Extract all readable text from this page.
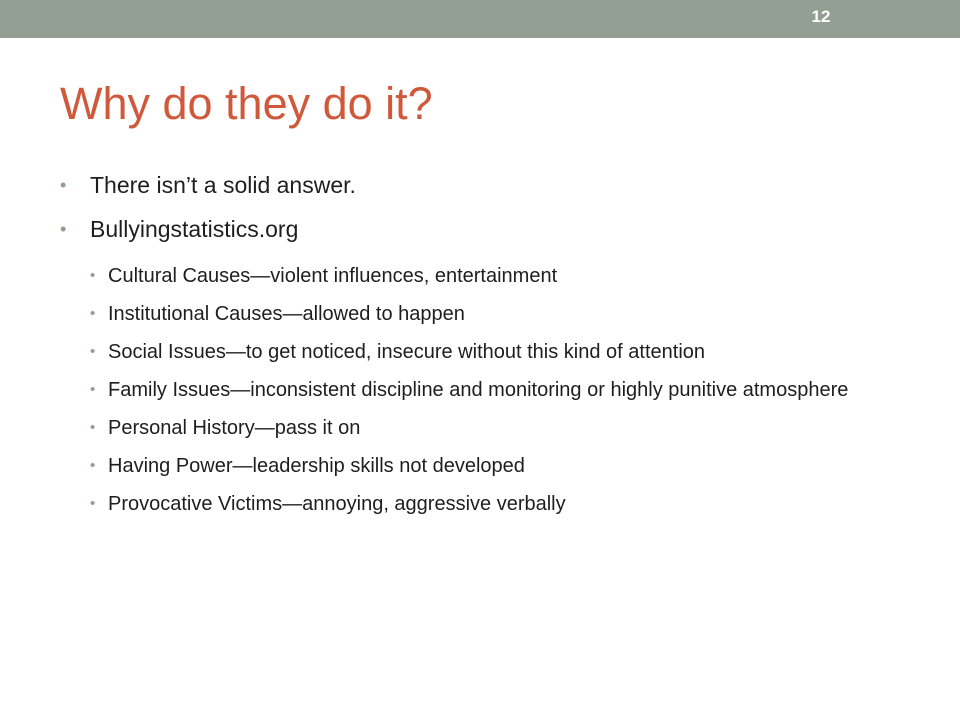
12
Why do they do it?
• There isn’t a solid answer.
• Bullyingstatistics.org
• Cultural Causes—violent influences, entertainment
• Institutional Causes—allowed to happen
• Social Issues—to get noticed, insecure without this kind of attention
• Family Issues—inconsistent discipline and monitoring or highly punitive atmosphere
• Personal History—pass it on
• Having Power—leadership skills not developed
• Provocative Victims—annoying, aggressive verbally
